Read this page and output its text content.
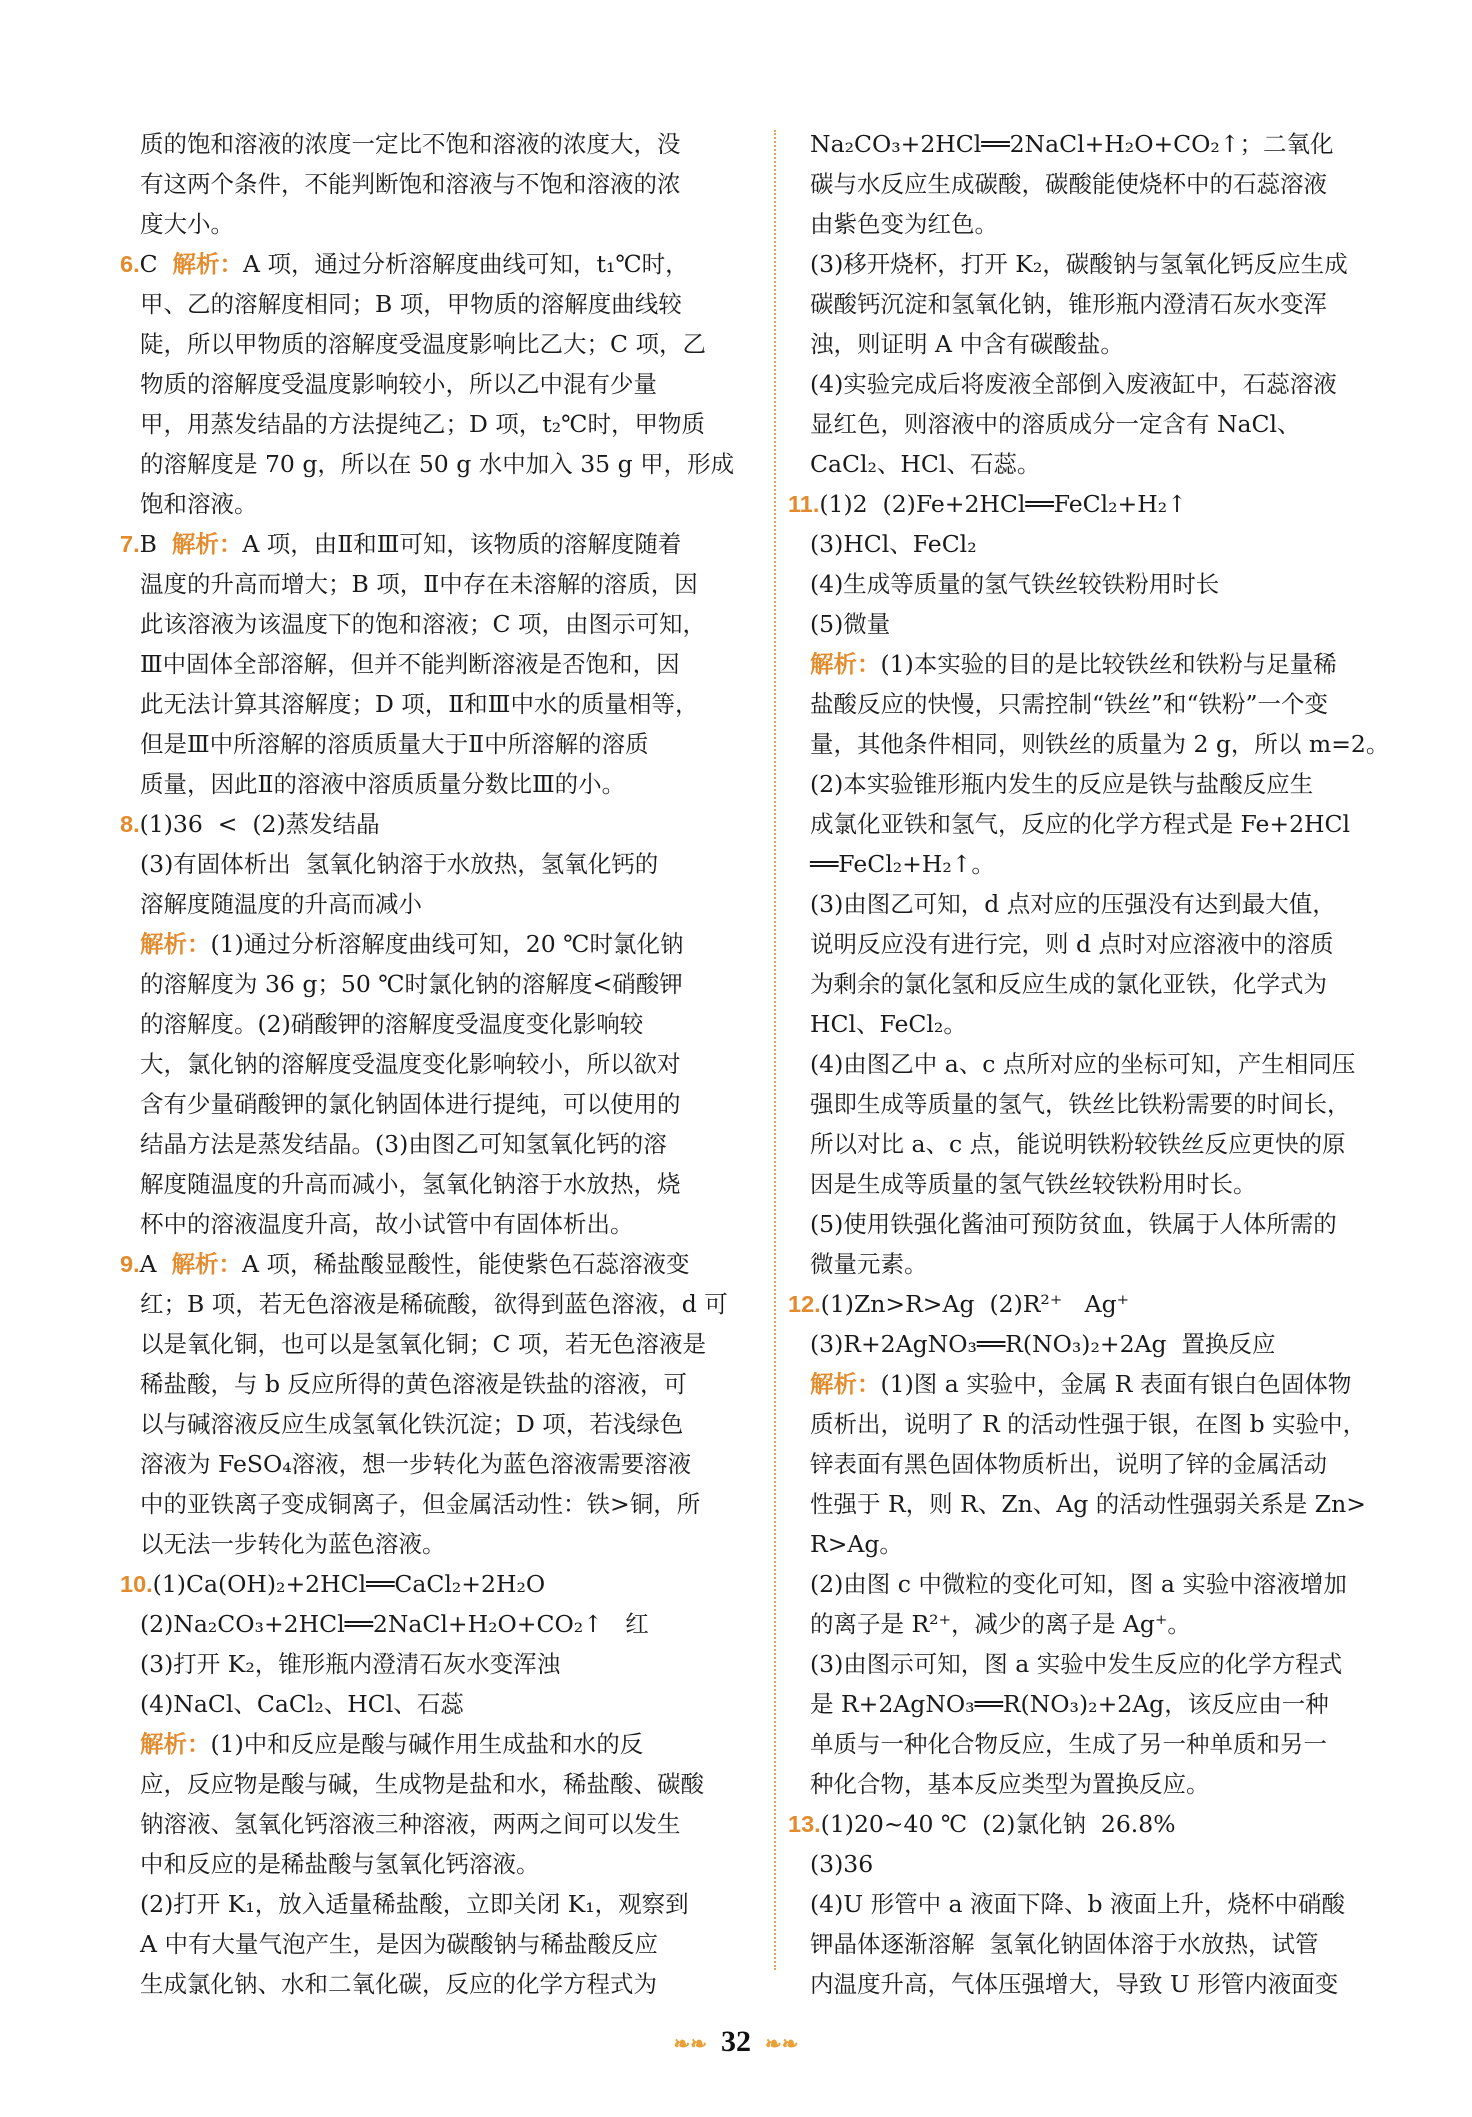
质的饱和溶液的浓度一定比不饱和溶液的浓度大，没
有这两个条件，不能判断饱和溶液与不饱和溶液的浓
度大小。
6.C  解析：A 项，通过分析溶解度曲线可知，t₁℃时，
甲、乙的溶解度相同；B 项，甲物质的溶解度曲线较
陡，所以甲物质的溶解度受温度影响比乙大；C 项，乙
物质的溶解度受温度影响较小，所以乙中混有少量
甲，用蒸发结晶的方法提纯乙；D 项，t₂℃时，甲物质
的溶解度是 70 g，所以在 50 g 水中加入 35 g 甲，形成
饱和溶液。
7.B  解析：A 项，由Ⅱ和Ⅲ可知，该物质的溶解度随着
温度的升高而增大；B 项，Ⅱ中存在未溶解的溶质，因
此该溶液为该温度下的饱和溶液；C 项，由图示可知，
Ⅲ中固体全部溶解，但并不能判断溶液是否饱和，因
此无法计算其溶解度；D 项，Ⅱ和Ⅲ中水的质量相等，
但是Ⅲ中所溶解的溶质质量大于Ⅱ中所溶解的溶质
质量，因此Ⅱ的溶液中溶质质量分数比Ⅲ的小。
8.(1)36  <  (2)蒸发结晶
(3)有固体析出  氢氧化钠溶于水放热，氢氧化钙的
溶解度随温度的升高而减小
解析：(1)通过分析溶解度曲线可知，20 ℃时氯化钠
的溶解度为 36 g；50 ℃时氯化钠的溶解度<硝酸钾
的溶解度。(2)硝酸钾的溶解度受温度变化影响较
大，氯化钠的溶解度受温度变化影响较小，所以欲对
含有少量硝酸钾的氯化钠固体进行提纯，可以使用的
结晶方法是蒸发结晶。(3)由图乙可知氢氧化钙的溶
解度随温度的升高而减小，氢氧化钠溶于水放热，烧
杯中的溶液温度升高，故小试管中有固体析出。
9.A  解析：A 项，稀盐酸显酸性，能使紫色石蕊溶液变
红；B 项，若无色溶液是稀硫酸，欲得到蓝色溶液，d 可
以是氧化铜，也可以是氢氧化铜；C 项，若无色溶液是
稀盐酸，与 b 反应所得的黄色溶液是铁盐的溶液，可
以与碱溶液反应生成氢氧化铁沉淀；D 项，若浅绿色
溶液为 FeSO₄溶液，想一步转化为蓝色溶液需要溶液
中的亚铁离子变成铜离子，但金属活动性：铁>铜，所
以无法一步转化为蓝色溶液。
10.(1)Ca(OH)₂+2HCl══CaCl₂+2H₂O
(2)Na₂CO₃+2HCl══2NaCl+H₂O+CO₂↑   红
(3)打开 K₂，锥形瓶内澄清石灰水变浑浊
(4)NaCl、CaCl₂、HCl、石蕊
解析：(1)中和反应是酸与碱作用生成盐和水的反
应，反应物是酸与碱，生成物是盐和水，稀盐酸、碳酸
钠溶液、氢氧化钙溶液三种溶液，两两之间可以发生
中和反应的是稀盐酸与氢氧化钙溶液。
(2)打开 K₁，放入适量稀盐酸，立即关闭 K₁，观察到
A 中有大量气泡产生，是因为碳酸钠与稀盐酸反应
生成氯化钠、水和二氧化碳，反应的化学方程式为
Na₂CO₃+2HCl══2NaCl+H₂O+CO₂↑；二氧化
碳与水反应生成碳酸，碳酸能使烧杯中的石蕊溶液
由紫色变为红色。
(3)移开烧杯，打开 K₂，碳酸钠与氢氧化钙反应生成
碳酸钙沉淀和氢氧化钠，锥形瓶内澄清石灰水变浑
浊，则证明 A 中含有碳酸盐。
(4)实验完成后将废液全部倒入废液缸中，石蕊溶液
显红色，则溶液中的溶质成分一定含有 NaCl、
CaCl₂、HCl、石蕊。
11.(1)2  (2)Fe+2HCl══FeCl₂+H₂↑
(3)HCl、FeCl₂
(4)生成等质量的氢气铁丝较铁粉用时长
(5)微量
解析：(1)本实验的目的是比较铁丝和铁粉与足量稀
盐酸反应的快慢，只需控制“铁丝”和“铁粉”一个变
量，其他条件相同，则铁丝的质量为 2 g，所以 m=2。
(2)本实验锥形瓶内发生的反应是铁与盐酸反应生
成氯化亚铁和氢气，反应的化学方程式是 Fe+2HCl
══FeCl₂+H₂↑。
(3)由图乙可知，d 点对应的压强没有达到最大值，
说明反应没有进行完，则 d 点时对应溶液中的溶质
为剩余的氯化氢和反应生成的氯化亚铁，化学式为
HCl、FeCl₂。
(4)由图乙中 a、c 点所对应的坐标可知，产生相同压
强即生成等质量的氢气，铁丝比铁粉需要的时间长，
所以对比 a、c 点，能说明铁粉较铁丝反应更快的原
因是生成等质量的氢气铁丝较铁粉用时长。
(5)使用铁强化酱油可预防贫血，铁属于人体所需的
微量元素。
12.(1)Zn>R>Ag  (2)R²⁺   Ag⁺
(3)R+2AgNO₃══R(NO₃)₂+2Ag  置换反应
解析：(1)图 a 实验中，金属 R 表面有银白色固体物
质析出，说明了 R 的活动性强于银，在图 b 实验中，
锌表面有黑色固体物质析出，说明了锌的金属活动
性强于 R，则 R、Zn、Ag 的活动性强弱关系是 Zn>
R>Ag。
(2)由图 c 中微粒的变化可知，图 a 实验中溶液增加
的离子是 R²⁺，减少的离子是 Ag⁺。
(3)由图示可知，图 a 实验中发生反应的化学方程式
是 R+2AgNO₃══R(NO₃)₂+2Ag，该反应由一种
单质与一种化合物反应，生成了另一种单质和另一
种化合物，基本反应类型为置换反应。
13.(1)20~40 ℃  (2)氯化钠  26.8%
(3)36
(4)U 形管中 a 液面下降、b 液面上升，烧杯中硝酸
钾晶体逐渐溶解  氢氧化钠固体溶于水放热，试管
内温度升高，气体压强增大，导致 U 形管内液面变
❧❧ 32 ❧❧
